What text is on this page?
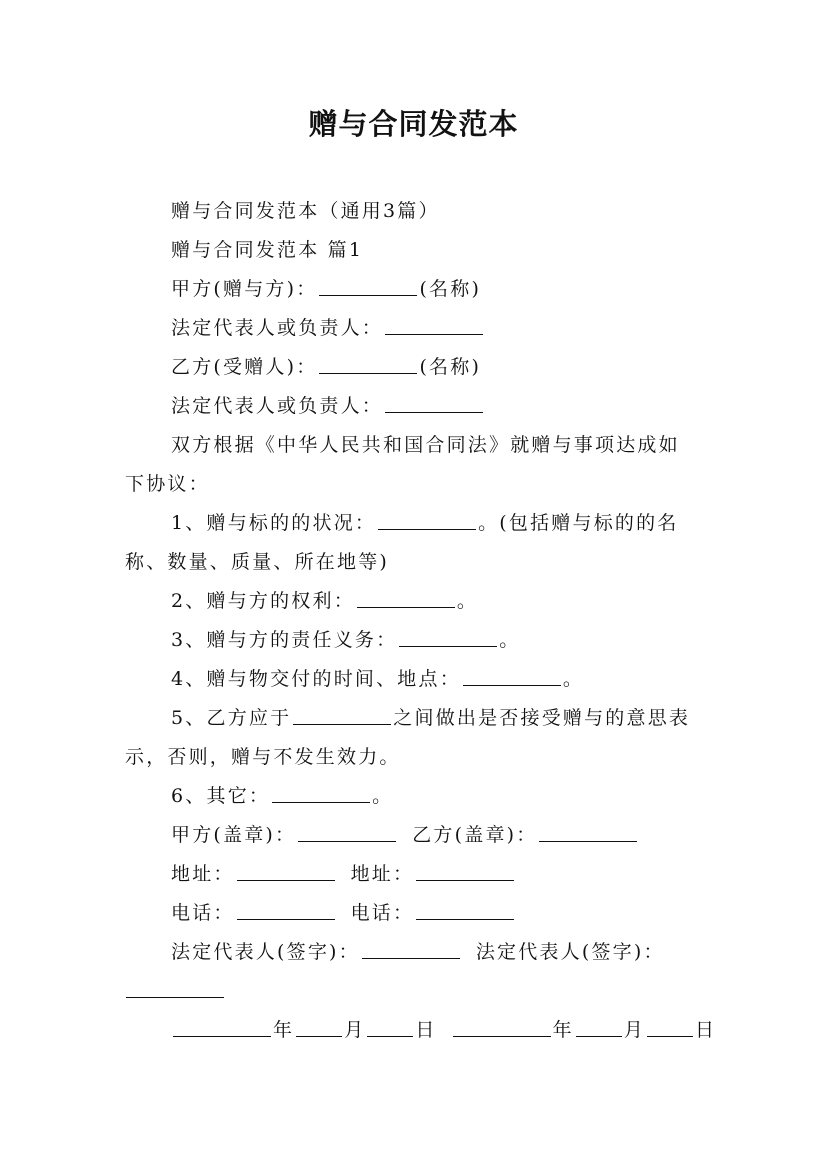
赠与合同发范本
赠与合同发范本（通用3篇）
赠与合同发范本 篇1
甲方(赠与方)：	(名称)
法定代表人或负责人：
乙方(受赠人)：	(名称)
法定代表人或负责人：
双方根据《中华人民共和国合同法》就赠与事项达成如
下协议：
1、赠与标的的状况：	。(包括赠与标的的名
称、数量、质量、所在地等)
2、赠与方的权利：	。
3、赠与方的责任义务：	。
4、赠与物交付的时间、地点：	。
5、乙方应于	之间做出是否接受赠与的意思表
示，否则，赠与不发生效力。
6、其它：	。
甲方(盖章)：	乙方(盖章)：
地址：	地址：
电话：	电话：
法定代表人(签字)：	法定代表人(签字)：
年	月	日	年	月	日
